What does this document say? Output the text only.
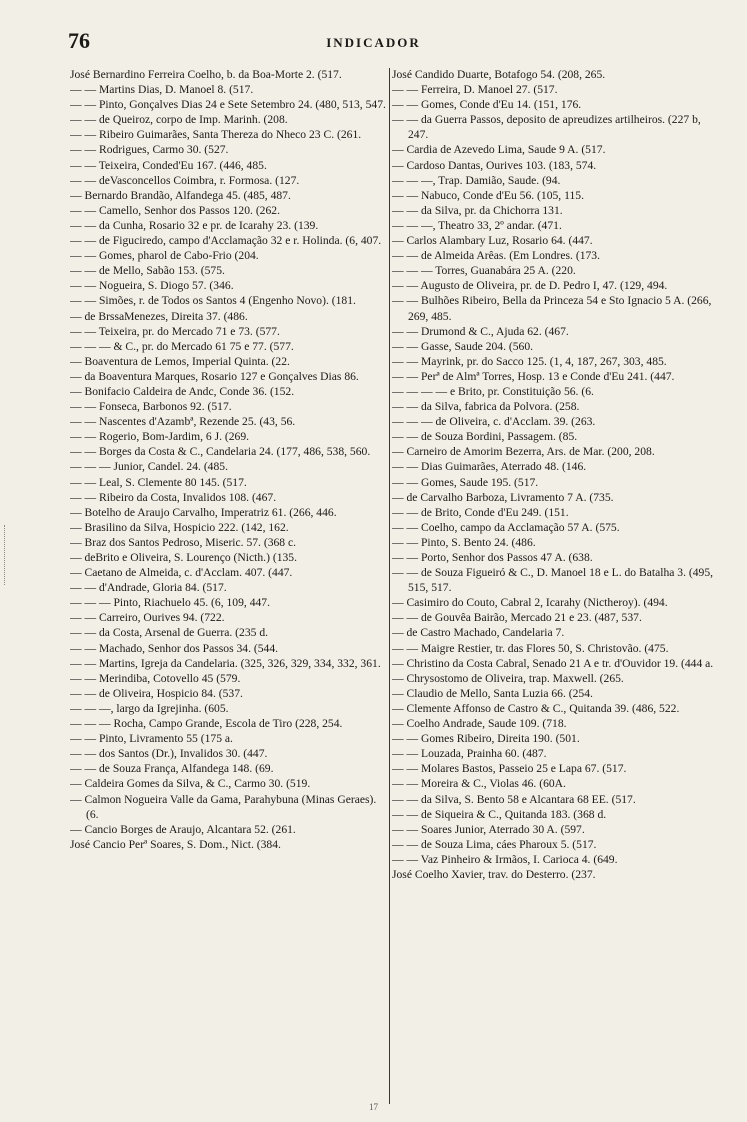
76	INDICADOR

José Bernardino Ferreira Coelho, b. da Boa-Morte 2. (517.

— — Martins Dias, D. Manoel 8. (517.

— — Pinto, Gonçalves Dias 24 e Sete Setembro 24. (480, 513, 547.

— — de Queiroz, corpo de Imp. Marinh. (208.

— — Ribeiro Guimarães, Santa Thereza do Nheco 23 C. (261.

— — Rodrigues, Carmo 30. (527.

— — Teixeira, Conded'Eu 167. (446, 485.

— — deVasconcellos Coimbra, r. Formosa. (127.

— Bernardo Brandão, Alfandega 45. (485, 487.

— — Camello, Senhor dos Passos 120. (262.

— — da Cunha, Rosario 32 e pr. de Icarahy 23. (139.

— — de Figuciredo, campo d'Acclamação 32 e r. Holinda. (6, 407.

— — Gomes, pharol de Cabo-Frio (204.

— — de Mello, Sabão 153. (575.

— — Nogueira, S. Diogo 57. (346.

— — Simões, r. de Todos os Santos 4 (Engenho Novo). (181.

— de BrssaMenezes, Direita 37. (486.

— — Teixeira, pr. do Mercado 71 e 73. (577.

— — — & C., pr. do Mercado 61 75 e 77. (577.

— Boaventura de Lemos, Imperial Quinta. (22.

— da Boaventura Marques, Rosario 127 e Gonçalves Dias 86.

— Bonifacio Caldeira de Andc, Conde 36. (152.

— — Fonseca, Barbonos 92. (517.

— — Nascentes d'Azambª, Rezende 25. (43, 56.

— — Rogerio, Bom-Jardim, 6 J. (269.

— — Borges da Costa & C., Candelaria 24. (177, 486, 538, 560.

— — — Junior, Candel. 24. (485.

— — Leal, S. Clemente 80 145. (517.

— — Ribeiro da Costa, Invalidos 108. (467.

— Botelho de Araujo Carvalho, Imperatriz 61. (266, 446.

— Brasilino da Silva, Hospicio 222. (142, 162.

— Braz dos Santos Pedroso, Miseric. 57. (368 c.

— deBrito e Oliveira, S. Lourenço (Nicth.) (135.

— Caetano de Almeida, c. d'Acclam. 407. (447.

— — d'Andrade, Gloria 84. (517.

— — — Pinto, Riachuelo 45. (6, 109, 447.

— — Carreiro, Ourives 94. (722.

— — da Costa, Arsenal de Guerra. (235 d.

— — Machado, Senhor dos Passos 34. (544.

— — Martins, Igreja da Candelaria. (325, 326, 329, 334, 332, 361.

— — Merindiba, Cotovello 45 (579.

— — de Oliveira, Hospicio 84. (537.

— — —, largo da Igrejinha. (605.

— — — Rocha, Campo Grande, Escola de Tiro (228, 254.

— — Pinto, Livramento 55 (175 a.

— — dos Santos (Dr.), Invalidos 30. (447.

— — de Souza França, Alfandega 148. (69.

— Caldeira Gomes da Silva, & C., Carmo 30. (519.

— Calmon Nogueira Valle da Gama, Parahybuna (Minas Geraes). (6.

— Cancio Borges de Araujo, Alcantara 52. (261.

José Cancio Perª Soares, S. Dom., Nict. (384.

José Candido Duarte, Botafogo 54. (208, 265.

— — Ferreira, D. Manoel 27. (517.

— — Gomes, Conde d'Eu 14. (151, 176.

— — da Guerra Passos, deposito de apreudizes artilheiros. (227 b, 247.

— Cardia de Azevedo Lima, Saude 9 A. (517.

— Cardoso Dantas, Ourives 103. (183, 574.

— — —, Trap. Damião, Saude. (94.

— — Nabuco, Conde d'Eu 56. (105, 115.

— — da Silva, pr. da Chichorra 131.

— — —, Theatro 33, 2º andar. (471.

— Carlos Alambary Luz, Rosario 64. (447.

— — de Almeida Arêas. (Em Londres. (173.

— — — Torres, Guanabára 25 A. (220.

— — Augusto de Oliveira, pr. de D. Pedro I, 47. (129, 494.

— — Bulhões Ribeiro, Bella da Princeza 54 e Sto Ignacio 5 A. (266, 269, 485.

— — Drumond & C., Ajuda 62. (467.

— — Gasse, Saude 204. (560.

— — Mayrink, pr. do Sacco 125. (1, 4, 187, 267, 303, 485.

— — Perª de Almª Torres, Hosp. 13 e Conde d'Eu 241. (447.

— — — — e Brito, pr. Constituição 56. (6.

— — da Silva, fabrica da Polvora. (258.

— — — de Oliveira, c. d'Acclam. 39. (263.

— — de Souza Bordini, Passagem. (85.

— Carneiro de Amorim Bezerra, Ars. de Mar. (200, 208.

— — Dias Guimarães, Aterrado 48. (146.

— — Gomes, Saude 195. (517.

— de Carvalho Barboza, Livramento 7 A. (735.

— — de Brito, Conde d'Eu 249. (151.

— — Coelho, campo da Acclamação 57 A. (575.

— — Pinto, S. Bento 24. (486.

— — Porto, Senhor dos Passos 47 A. (638.

— — de Souza Figueiró & C., D. Manoel 18 e L. do Batalha 3. (495, 515, 517.

— Casimiro do Couto, Cabral 2, Icarahy (Nictheroy). (494.

— — de Gouvêa Bairão, Mercado 21 e 23. (487, 537.

— de Castro Machado, Candelaria 7.

— — Maigre Restier, tr. das Flores 50, S. Christovão. (475.

— Christino da Costa Cabral, Senado 21 A e tr. d'Ouvidor 19. (444 a.

— Chrysostomo de Oliveira, trap. Maxwell. (265.

— Claudio de Mello, Santa Luzia 66. (254.

— Clemente Affonso de Castro & C., Quitanda 39. (486, 522.

— Coelho Andrade, Saude 109. (718.

— — Gomes Ribeiro, Direita 190. (501.

— — Louzada, Prainha 60. (487.

— — Molares Bastos, Passeio 25 e Lapa 67. (517.

— — Moreira & C., Violas 46. (60A.

— — da Silva, S. Bento 58 e Alcantara 68 EE. (517.

— — de Siqueira & C., Quitanda 183. (368 d.

— — Soares Junior, Aterrado 30 A. (597.

— — de Souza Lima, cáes Pharoux 5. (517.

— — Vaz Pinheiro & Irmãos, I. Carioca 4. (649.

José Coelho Xavier, trav. do Desterro. (237.

17
